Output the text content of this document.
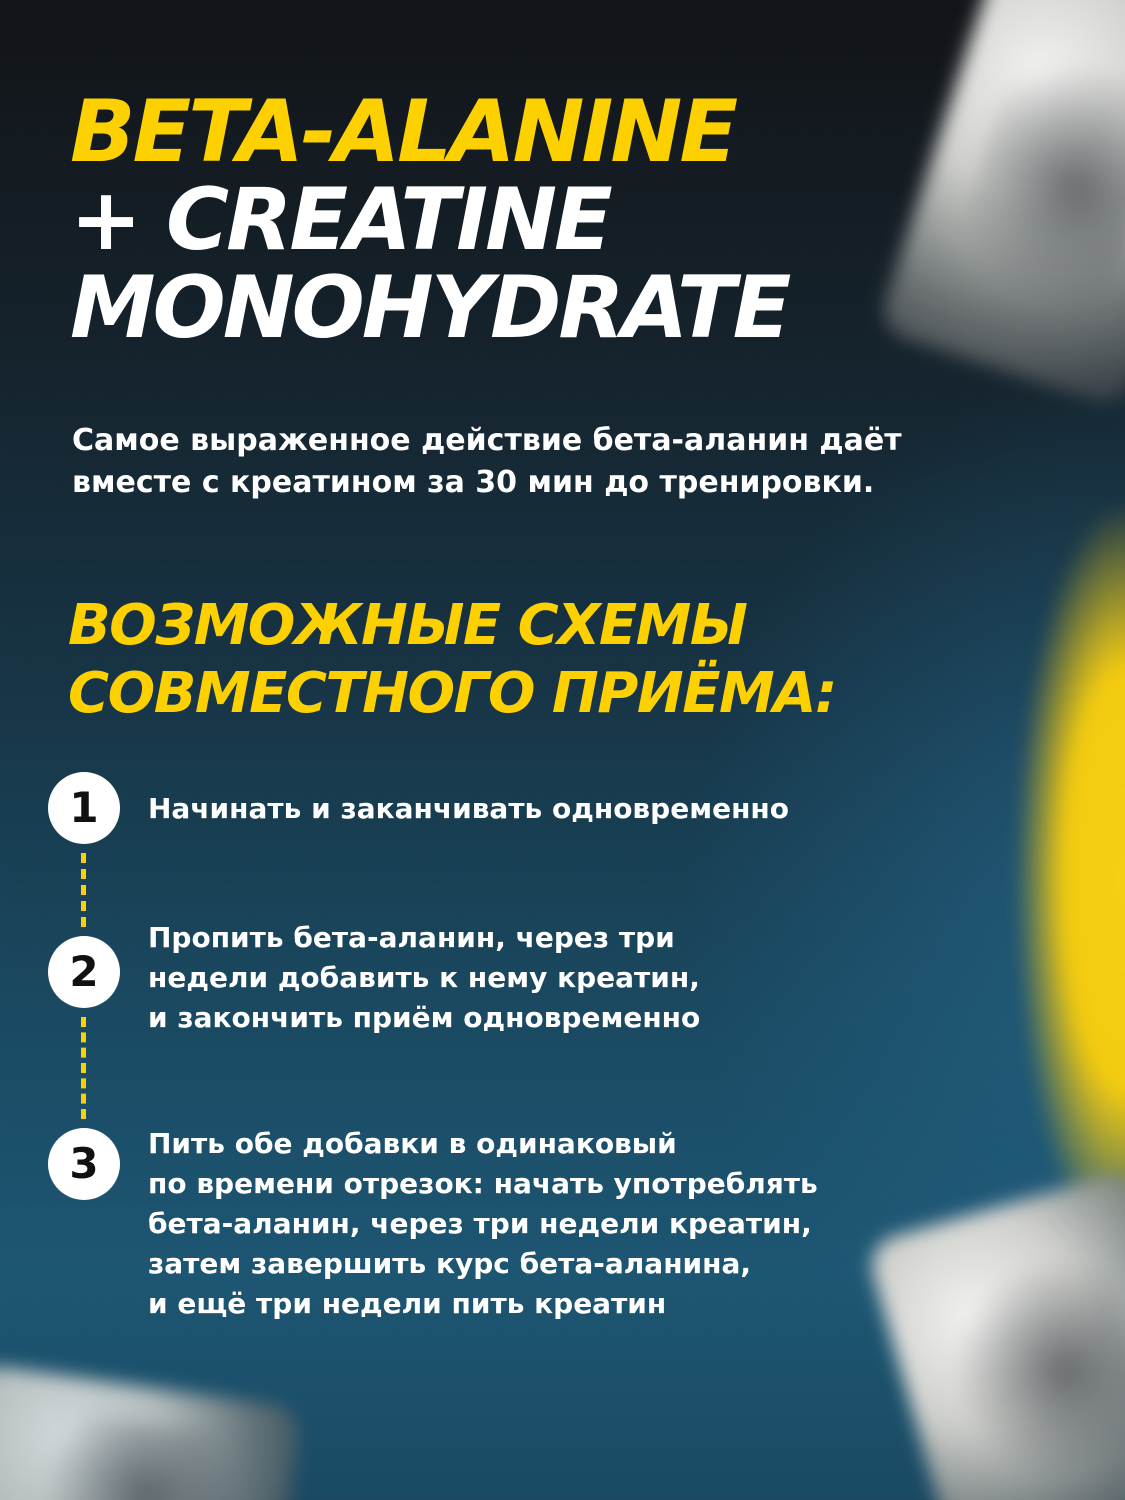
BETA-ALANINE
+ CREATINE
MONOHYDRATE

Самое выраженное действие бета-аланин даёт
вместе с креатином за 30 мин до тренировки.

ВОЗМОЖНЫЕ СХЕМЫ
СОВМЕСТНОГО ПРИЁМА:
1	Начинать и заканчивать одновременно

2

Пропить бета-аланин, через три
недели добавить к нему креатин,
и закончить приём одновременно

3	Пить обе добавки в одинаковый
по времени отрезок: начать употреблять
бета-аланин, через три недели креатин,
затем завершить курс бета-аланина,
и ещё три недели пить креатин
